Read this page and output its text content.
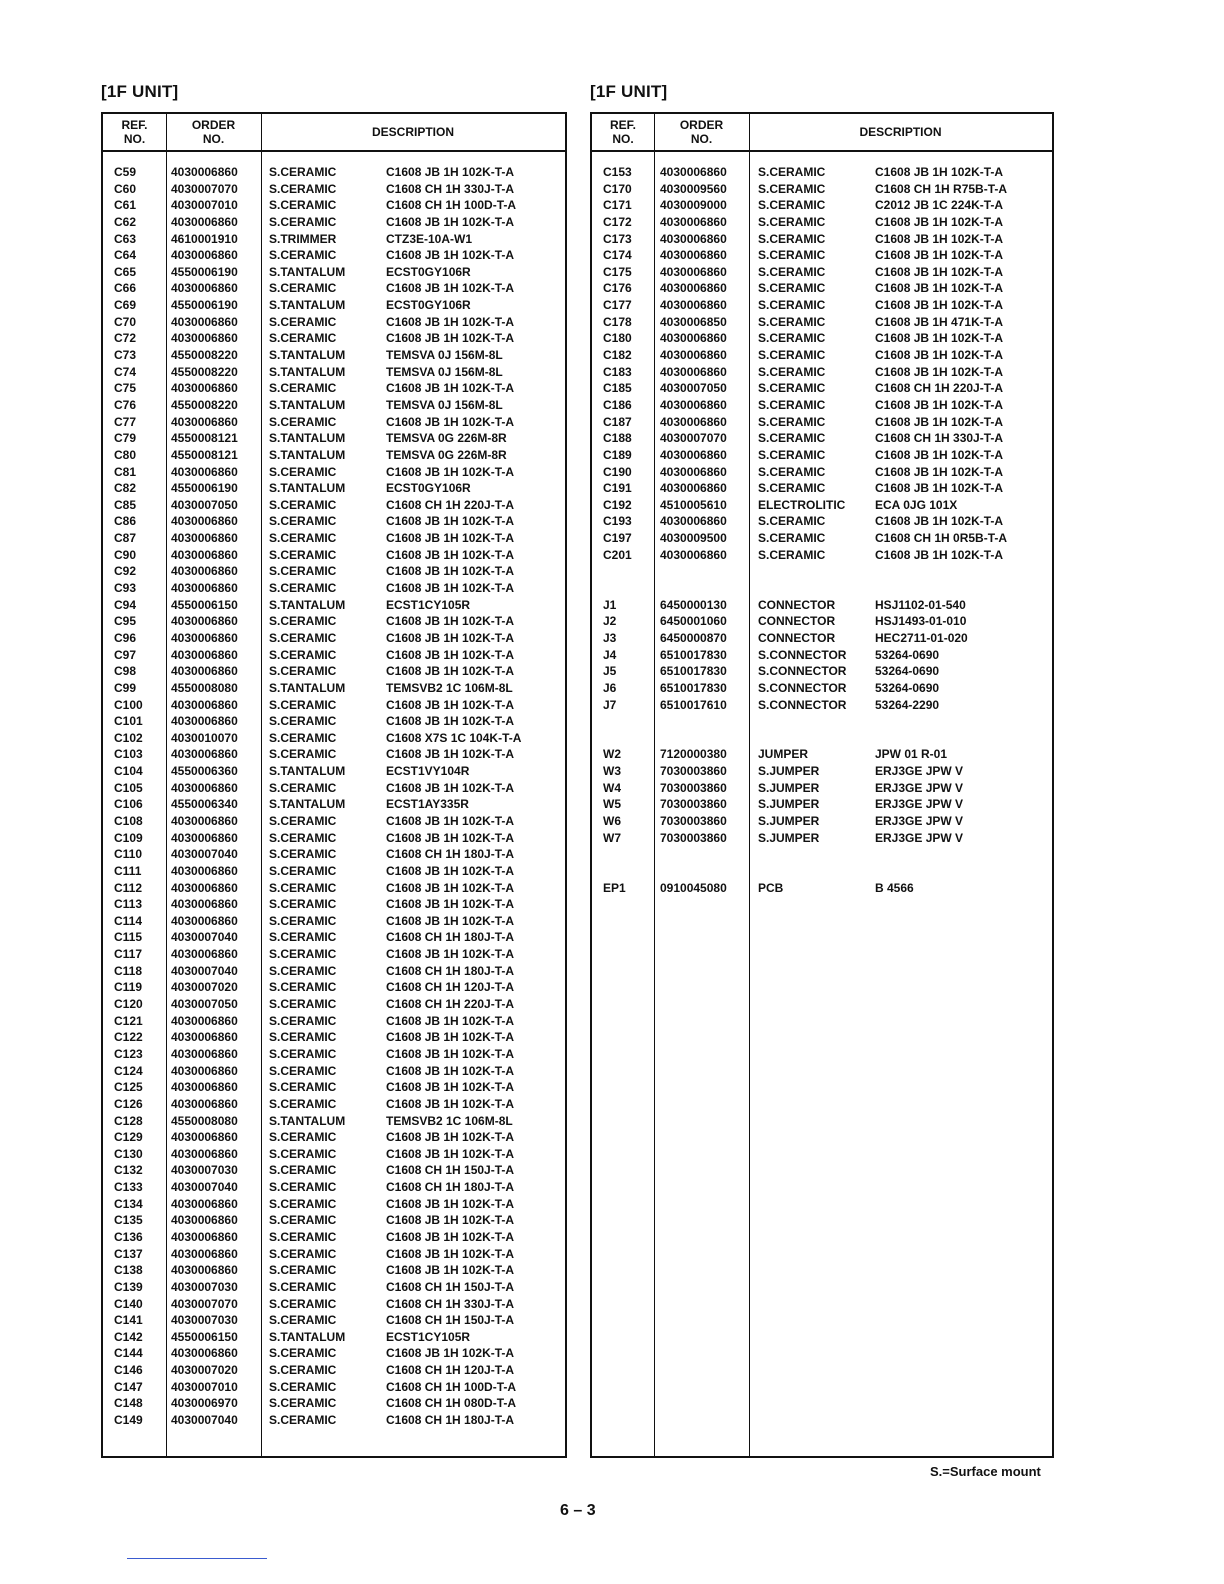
[1F UNIT]	[1F UNIT]
REF.
NO.
ORDER
NO.	DESCRIPTION
C59	4030006860	S.CERAMIC	C1608 JB 1H 102K-T-A
C60	4030007070	S.CERAMIC	C1608 CH 1H 330J-T-A
C61	4030007010	S.CERAMIC	C1608 CH 1H 100D-T-A
C62	4030006860	S.CERAMIC	C1608 JB 1H 102K-T-A
C63	4610001910	S.TRIMMER	CTZ3E-10A-W1
C64	4030006860	S.CERAMIC	C1608 JB 1H 102K-T-A
C65	4550006190	S.TANTALUM	ECST0GY106R
C66	4030006860	S.CERAMIC	C1608 JB 1H 102K-T-A
C69	4550006190	S.TANTALUM	ECST0GY106R
C70	4030006860	S.CERAMIC	C1608 JB 1H 102K-T-A
C72	4030006860	S.CERAMIC	C1608 JB 1H 102K-T-A
C73	4550008220	S.TANTALUM	TEMSVA 0J 156M-8L
C74	4550008220	S.TANTALUM	TEMSVA 0J 156M-8L
C75	4030006860	S.CERAMIC	C1608 JB 1H 102K-T-A
C76	4550008220	S.TANTALUM	TEMSVA 0J 156M-8L
C77	4030006860	S.CERAMIC	C1608 JB 1H 102K-T-A
C79	4550008121	S.TANTALUM	TEMSVA 0G 226M-8R
C80	4550008121	S.TANTALUM	TEMSVA 0G 226M-8R
C81	4030006860	S.CERAMIC	C1608 JB 1H 102K-T-A
C82	4550006190	S.TANTALUM	ECST0GY106R
C85	4030007050	S.CERAMIC	C1608 CH 1H 220J-T-A
C86	4030006860	S.CERAMIC	C1608 JB 1H 102K-T-A
C87	4030006860	S.CERAMIC	C1608 JB 1H 102K-T-A
C90	4030006860	S.CERAMIC	C1608 JB 1H 102K-T-A
C92	4030006860	S.CERAMIC	C1608 JB 1H 102K-T-A
C93	4030006860	S.CERAMIC	C1608 JB 1H 102K-T-A
C94	4550006150	S.TANTALUM	ECST1CY105R
C95	4030006860	S.CERAMIC	C1608 JB 1H 102K-T-A
C96	4030006860	S.CERAMIC	C1608 JB 1H 102K-T-A
C97	4030006860	S.CERAMIC	C1608 JB 1H 102K-T-A
C98	4030006860	S.CERAMIC	C1608 JB 1H 102K-T-A
C99	4550008080	S.TANTALUM	TEMSVB2 1C 106M-8L
C100 4030006860	S.CERAMIC	C1608 JB 1H 102K-T-A
C101 4030006860	S.CERAMIC	C1608 JB 1H 102K-T-A
C102 4030010070	S.CERAMIC	C1608 X7S 1C 104K-T-A
C103 4030006860	S.CERAMIC	C1608 JB 1H 102K-T-A
C104 4550006360	S.TANTALUM	ECST1VY104R
C105 4030006860	S.CERAMIC	C1608 JB 1H 102K-T-A
C106 4550006340	S.TANTALUM	ECST1AY335R
C108 4030006860	S.CERAMIC	C1608 JB 1H 102K-T-A
C109 4030006860	S.CERAMIC	C1608 JB 1H 102K-T-A
C110 4030007040	S.CERAMIC	C1608 CH 1H 180J-T-A
C111 4030006860	S.CERAMIC	C1608 JB 1H 102K-T-A
C112 4030006860	S.CERAMIC	C1608 JB 1H 102K-T-A
C113 4030006860	S.CERAMIC	C1608 JB 1H 102K-T-A
C114 4030006860	S.CERAMIC	C1608 JB 1H 102K-T-A
C115 4030007040	S.CERAMIC	C1608 CH 1H 180J-T-A
C117 4030006860	S.CERAMIC	C1608 JB 1H 102K-T-A
C118 4030007040	S.CERAMIC	C1608 CH 1H 180J-T-A
C119 4030007020	S.CERAMIC	C1608 CH 1H 120J-T-A
C120 4030007050	S.CERAMIC	C1608 CH 1H 220J-T-A
C121 4030006860	S.CERAMIC	C1608 JB 1H 102K-T-A
C122 4030006860	S.CERAMIC	C1608 JB 1H 102K-T-A
C123 4030006860	S.CERAMIC	C1608 JB 1H 102K-T-A
C124 4030006860	S.CERAMIC	C1608 JB 1H 102K-T-A
C125 4030006860	S.CERAMIC	C1608 JB 1H 102K-T-A
C126 4030006860	S.CERAMIC	C1608 JB 1H 102K-T-A
C128 4550008080	S.TANTALUM	TEMSVB2 1C 106M-8L
C129 4030006860	S.CERAMIC	C1608 JB 1H 102K-T-A
C130 4030006860	S.CERAMIC	C1608 JB 1H 102K-T-A
C132 4030007030	S.CERAMIC	C1608 CH 1H 150J-T-A
C133 4030007040	S.CERAMIC	C1608 CH 1H 180J-T-A
C134 4030006860	S.CERAMIC	C1608 JB 1H 102K-T-A
C135 4030006860	S.CERAMIC	C1608 JB 1H 102K-T-A
C136 4030006860	S.CERAMIC	C1608 JB 1H 102K-T-A
C137 4030006860	S.CERAMIC	C1608 JB 1H 102K-T-A
C138 4030006860	S.CERAMIC	C1608 JB 1H 102K-T-A
C139 4030007030	S.CERAMIC	C1608 CH 1H 150J-T-A
C140 4030007070	S.CERAMIC	C1608 CH 1H 330J-T-A
C141 4030007030	S.CERAMIC	C1608 CH 1H 150J-T-A
C142 4550006150	S.TANTALUM	ECST1CY105R
C144 4030006860	S.CERAMIC	C1608 JB 1H 102K-T-A
C146 4030007020	S.CERAMIC	C1608 CH 1H 120J-T-A
C147 4030007010	S.CERAMIC	C1608 CH 1H 100D-T-A
C148 4030006970	S.CERAMIC	C1608 CH 1H 080D-T-A
C149 4030007040	S.CERAMIC	C1608 CH 1H 180J-T-A
REF.
NO.
ORDER
NO.	DESCRIPTION
C153 4030006860	S.CERAMIC	C1608 JB 1H 102K-T-A
C170 4030009560	S.CERAMIC	C1608 CH 1H R75B-T-A
C171 4030009000	S.CERAMIC	C2012 JB 1C 224K-T-A
C172 4030006860	S.CERAMIC	C1608 JB 1H 102K-T-A
C173 4030006860	S.CERAMIC	C1608 JB 1H 102K-T-A
C174 4030006860	S.CERAMIC	C1608 JB 1H 102K-T-A
C175 4030006860	S.CERAMIC	C1608 JB 1H 102K-T-A
C176 4030006860	S.CERAMIC	C1608 JB 1H 102K-T-A
C177 4030006860	S.CERAMIC	C1608 JB 1H 102K-T-A
C178 4030006850	S.CERAMIC	C1608 JB 1H 471K-T-A
C180 4030006860	S.CERAMIC	C1608 JB 1H 102K-T-A
C182 4030006860	S.CERAMIC	C1608 JB 1H 102K-T-A
C183 4030006860	S.CERAMIC	C1608 JB 1H 102K-T-A
C185 4030007050	S.CERAMIC	C1608 CH 1H 220J-T-A
C186 4030006860	S.CERAMIC	C1608 JB 1H 102K-T-A
C187 4030006860	S.CERAMIC	C1608 JB 1H 102K-T-A
C188 4030007070	S.CERAMIC	C1608 CH 1H 330J-T-A
C189 4030006860	S.CERAMIC	C1608 JB 1H 102K-T-A
C190 4030006860	S.CERAMIC	C1608 JB 1H 102K-T-A
C191 4030006860	S.CERAMIC	C1608 JB 1H 102K-T-A
C192 4510005610	ELECTROLITIC ECA 0JG 101X
C193 4030006860	S.CERAMIC	C1608 JB 1H 102K-T-A
C197 4030009500	S.CERAMIC	C1608 CH 1H 0R5B-T-A
C201 4030006860	S.CERAMIC	C1608 JB 1H 102K-T-A
J1	6450000130	CONNECTOR	HSJ1102-01-540
J2	6450001060	CONNECTOR	HSJ1493-01-010
J3	6450000870	CONNECTOR	HEC2711-01-020
J4	6510017830	S.CONNECTOR 53264-0690
J5	6510017830	S.CONNECTOR 53264-0690
J6	6510017830	S.CONNECTOR 53264-0690
J7	6510017610	S.CONNECTOR 53264-2290
W2	7120000380	JUMPER	JPW 01 R-01
W3	7030003860	S.JUMPER	ERJ3GE JPW V
W4	7030003860	S.JUMPER	ERJ3GE JPW V
W5	7030003860	S.JUMPER	ERJ3GE JPW V
W6	7030003860	S.JUMPER	ERJ3GE JPW V
W7	7030003860	S.JUMPER	ERJ3GE JPW V
EP1	0910045080	PCB	B 4566
S.=Surface mount
6 – 3
